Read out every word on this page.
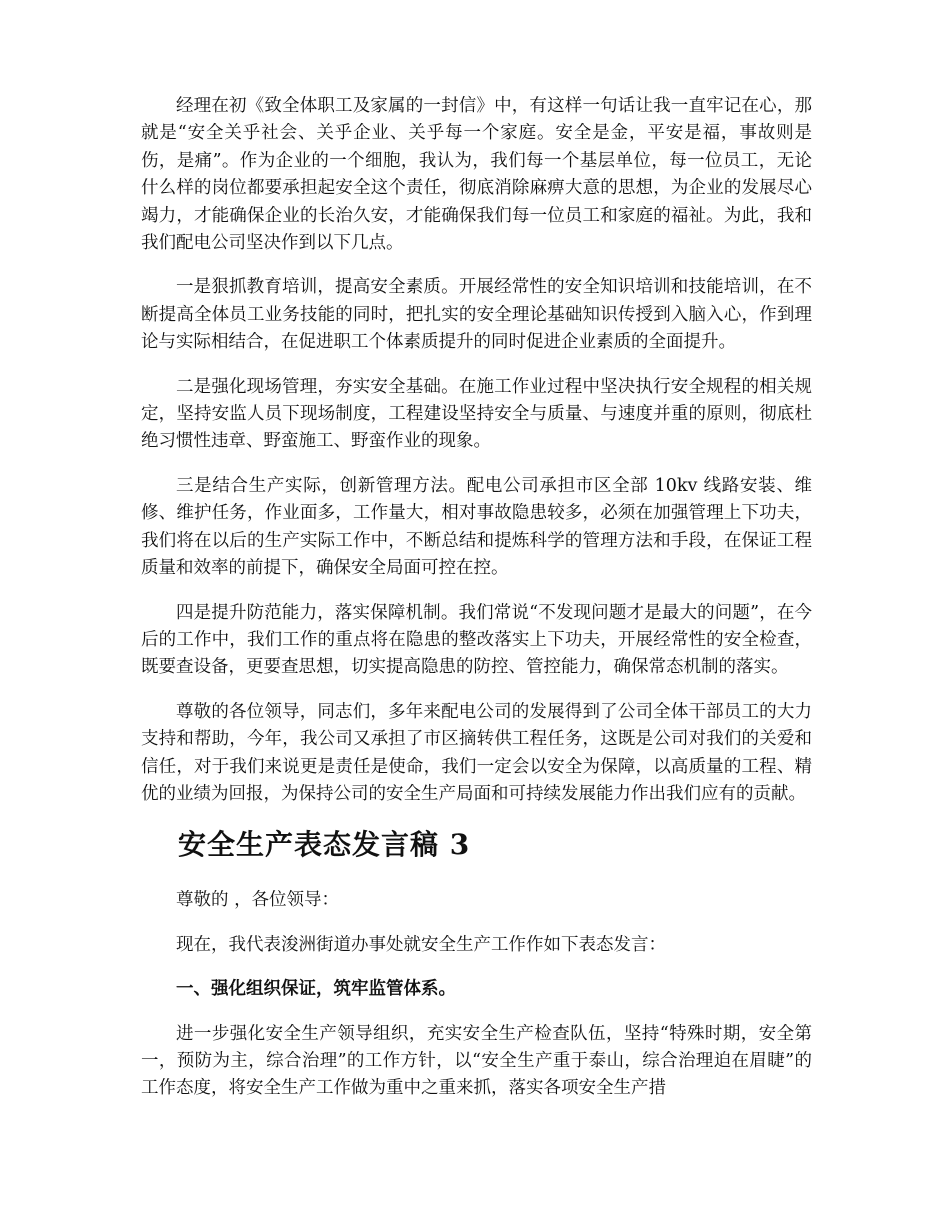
经理在初《致全体职工及家属的一封信》中，有这样一句话让我一直牢记在心，那就是“安全关乎社会、关乎企业、关乎每一个家庭。安全是金，平安是福，事故则是伤，是痛”。作为企业的一个细胞，我认为，我们每一个基层单位，每一位员工，无论什么样的岗位都要承担起安全这个责任，彻底消除麻痹大意的思想，为企业的发展尽心竭力，才能确保企业的长治久安，才能确保我们每一位员工和家庭的福祉。为此，我和我们配电公司坚决作到以下几点。

一是狠抓教育培训，提高安全素质。开展经常性的安全知识培训和技能培训，在不断提高全体员工业务技能的同时，把扎实的安全理论基础知识传授到入脑入心，作到理论与实际相结合，在促进职工个体素质提升的同时促进企业素质的全面提升。

二是强化现场管理，夯实安全基础。在施工作业过程中坚决执行安全规程的相关规定，坚持安监人员下现场制度，工程建设坚持安全与质量、与速度并重的原则，彻底杜绝习惯性违章、野蛮施工、野蛮作业的现象。

三是结合生产实际，创新管理方法。配电公司承担市区全部 10kv 线路安装、维修、维护任务，作业面多，工作量大，相对事故隐患较多，必须在加强管理上下功夫，我们将在以后的生产实际工作中，不断总结和提炼科学的管理方法和手段，在保证工程质量和效率的前提下，确保安全局面可控在控。

四是提升防范能力，落实保障机制。我们常说“不发现问题才是最大的问题”，在今后的工作中，我们工作的重点将在隐患的整改落实上下功夫，开展经常性的安全检查，既要查设备，更要查思想，切实提高隐患的防控、管控能力，确保常态机制的落实。

尊敬的各位领导，同志们，多年来配电公司的发展得到了公司全体干部员工的大力支持和帮助，今年，我公司又承担了市区摘转供工程任务，这既是公司对我们的关爱和信任，对于我们来说更是责任是使命，我们一定会以安全为保障，以高质量的工程、精优的业绩为回报，为保持公司的安全生产局面和可持续发展能力作出我们应有的贡献。

安全生产表态发言稿 3

尊敬的 ，各位领导：

现在，我代表浚洲街道办事处就安全生产工作作如下表态发言：

一、强化组织保证，筑牢监管体系。

进一步强化安全生产领导组织，充实安全生产检查队伍，坚持“特殊时期，安全第一，预防为主，综合治理”的工作方针，以“安全生产重于泰山，综合治理迫在眉睫”的工作态度，将安全生产工作做为重中之重来抓，落实各项安全生产措
